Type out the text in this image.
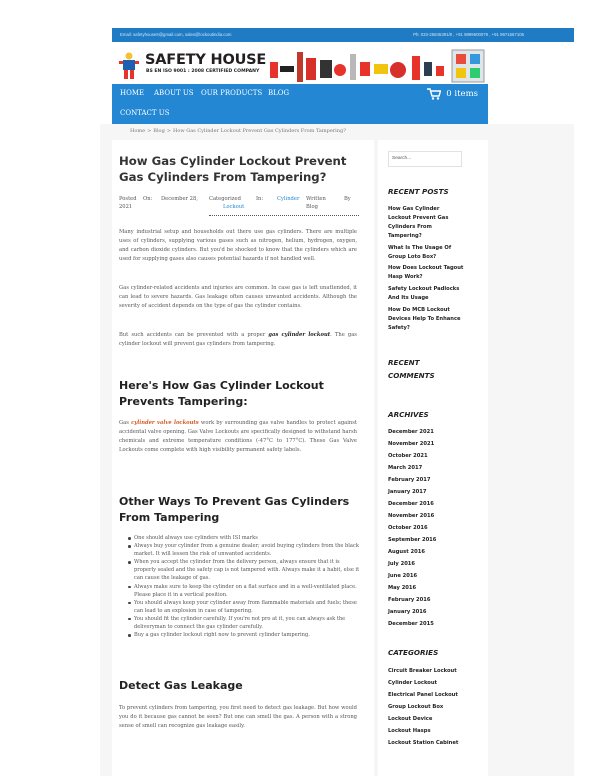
Email: safetyhouse9@gmail.com, sales@lockoutindia.com	Ph: 033-25845391/8 , +91 9899600079 , +91 9971567105
SAFETY HOUSE
BS EN ISO 9001 : 2008 CERTIFIED COMPANY
HOME ABOUT US OUR PRODUCTS BLOG
CONTACT US
0 items
Home > Blog > How Gas Cylinder Lockout Prevent Gas Cylinders From Tampering?
How Gas Cylinder Lockout Prevent Gas Cylinders From Tampering?
Posted On: December 28,
2021
Categorized	In:	Cylinder
Lockout
Written	By
Blog

Many industrial setup and households out there use gas cylinders. There are multiple uses of cylinders, supplying various gases such as nitrogen, helium, hydrogen, oxygen, and carbon dioxide cylinders. But you'd be shocked to know that the cylinders which are used for supplying gases also causes potential hazards if not handled well.

Gas cylinder-related accidents and injuries are common. In case gas is left unattended, it can lead to severe hazards. Gas leakage often causes unwanted accidents. Although the severity of accident depends on the type of gas the cylinder contains.

But such accidents can be prevented with a proper gas cylinder lockout. The gas cylinder lockout will prevent gas cylinders from tampering.

Here's How Gas Cylinder Lockout Prevents Tampering:

Gas cylinder valve lockouts work by surrounding gas valve handles to protect against accidental valve opening. Gas Valve Lockouts are specifically designed to withstand harsh chemicals and extreme temperature conditions (-47°C to 177°C). These Gas Valve Lockouts come complete with high visibility permanent safety labels.

Other Ways To Prevent Gas Cylinders From Tampering
One should always use cylinders with ISI marks
Always buy your cylinder from a genuine dealer; avoid buying cylinders from the black market. It will lessen the risk of unwanted accidents.
When you accept the cylinder from the delivery person, always ensure that it is properly sealed and the safety cap is not tampered with. Always make it a habit, else it can cause the leakage of gas.
Always make sure to keep the cylinder on a flat surface and in a well-ventilated place. Please place it in a vertical position.
You should always keep your cylinder away from flammable materials and fuels; these can lead to an explosion in case of tampering.
You should fit the cylinder carefully. If you're not pro at it, you can always ask the deliveryman to connect the gas cylinder carefully.
Buy a gas cylinder lockout right now to prevent cylinder tampering.
Detect Gas Leakage

To prevent cylinders from tampering, you first need to detect gas leakage. But how would you do it because gas cannot be seen? But one can smell the gas. A person with a strong sense of smell can recognize gas leakage easily.

Search...
RECENT POSTS
How Gas Cylinder Lockout Prevent Gas Cylinders From Tampering?
What Is The Usage Of Group Loto Box?
How Does Lockout Tagout Hasp Work?
Safety Lockout Padlocks And Its Usage
How Do MCB Lockout Devices Help To Enhance Safety?
RECENT COMMENTS
ARCHIVES
December 2021
November 2021
October 2021
March 2017
February 2017
January 2017
December 2016
November 2016
October 2016
September 2016
August 2016
July 2016
June 2016
May 2016
February 2016
January 2016
December 2015
CATEGORIES
Circuit Breaker Lockout
Cylinder Lockout
Electrical Panel Lockout
Group Lockout Box
Lockout Device
Lockout Hasps
Lockout Station Cabinet
